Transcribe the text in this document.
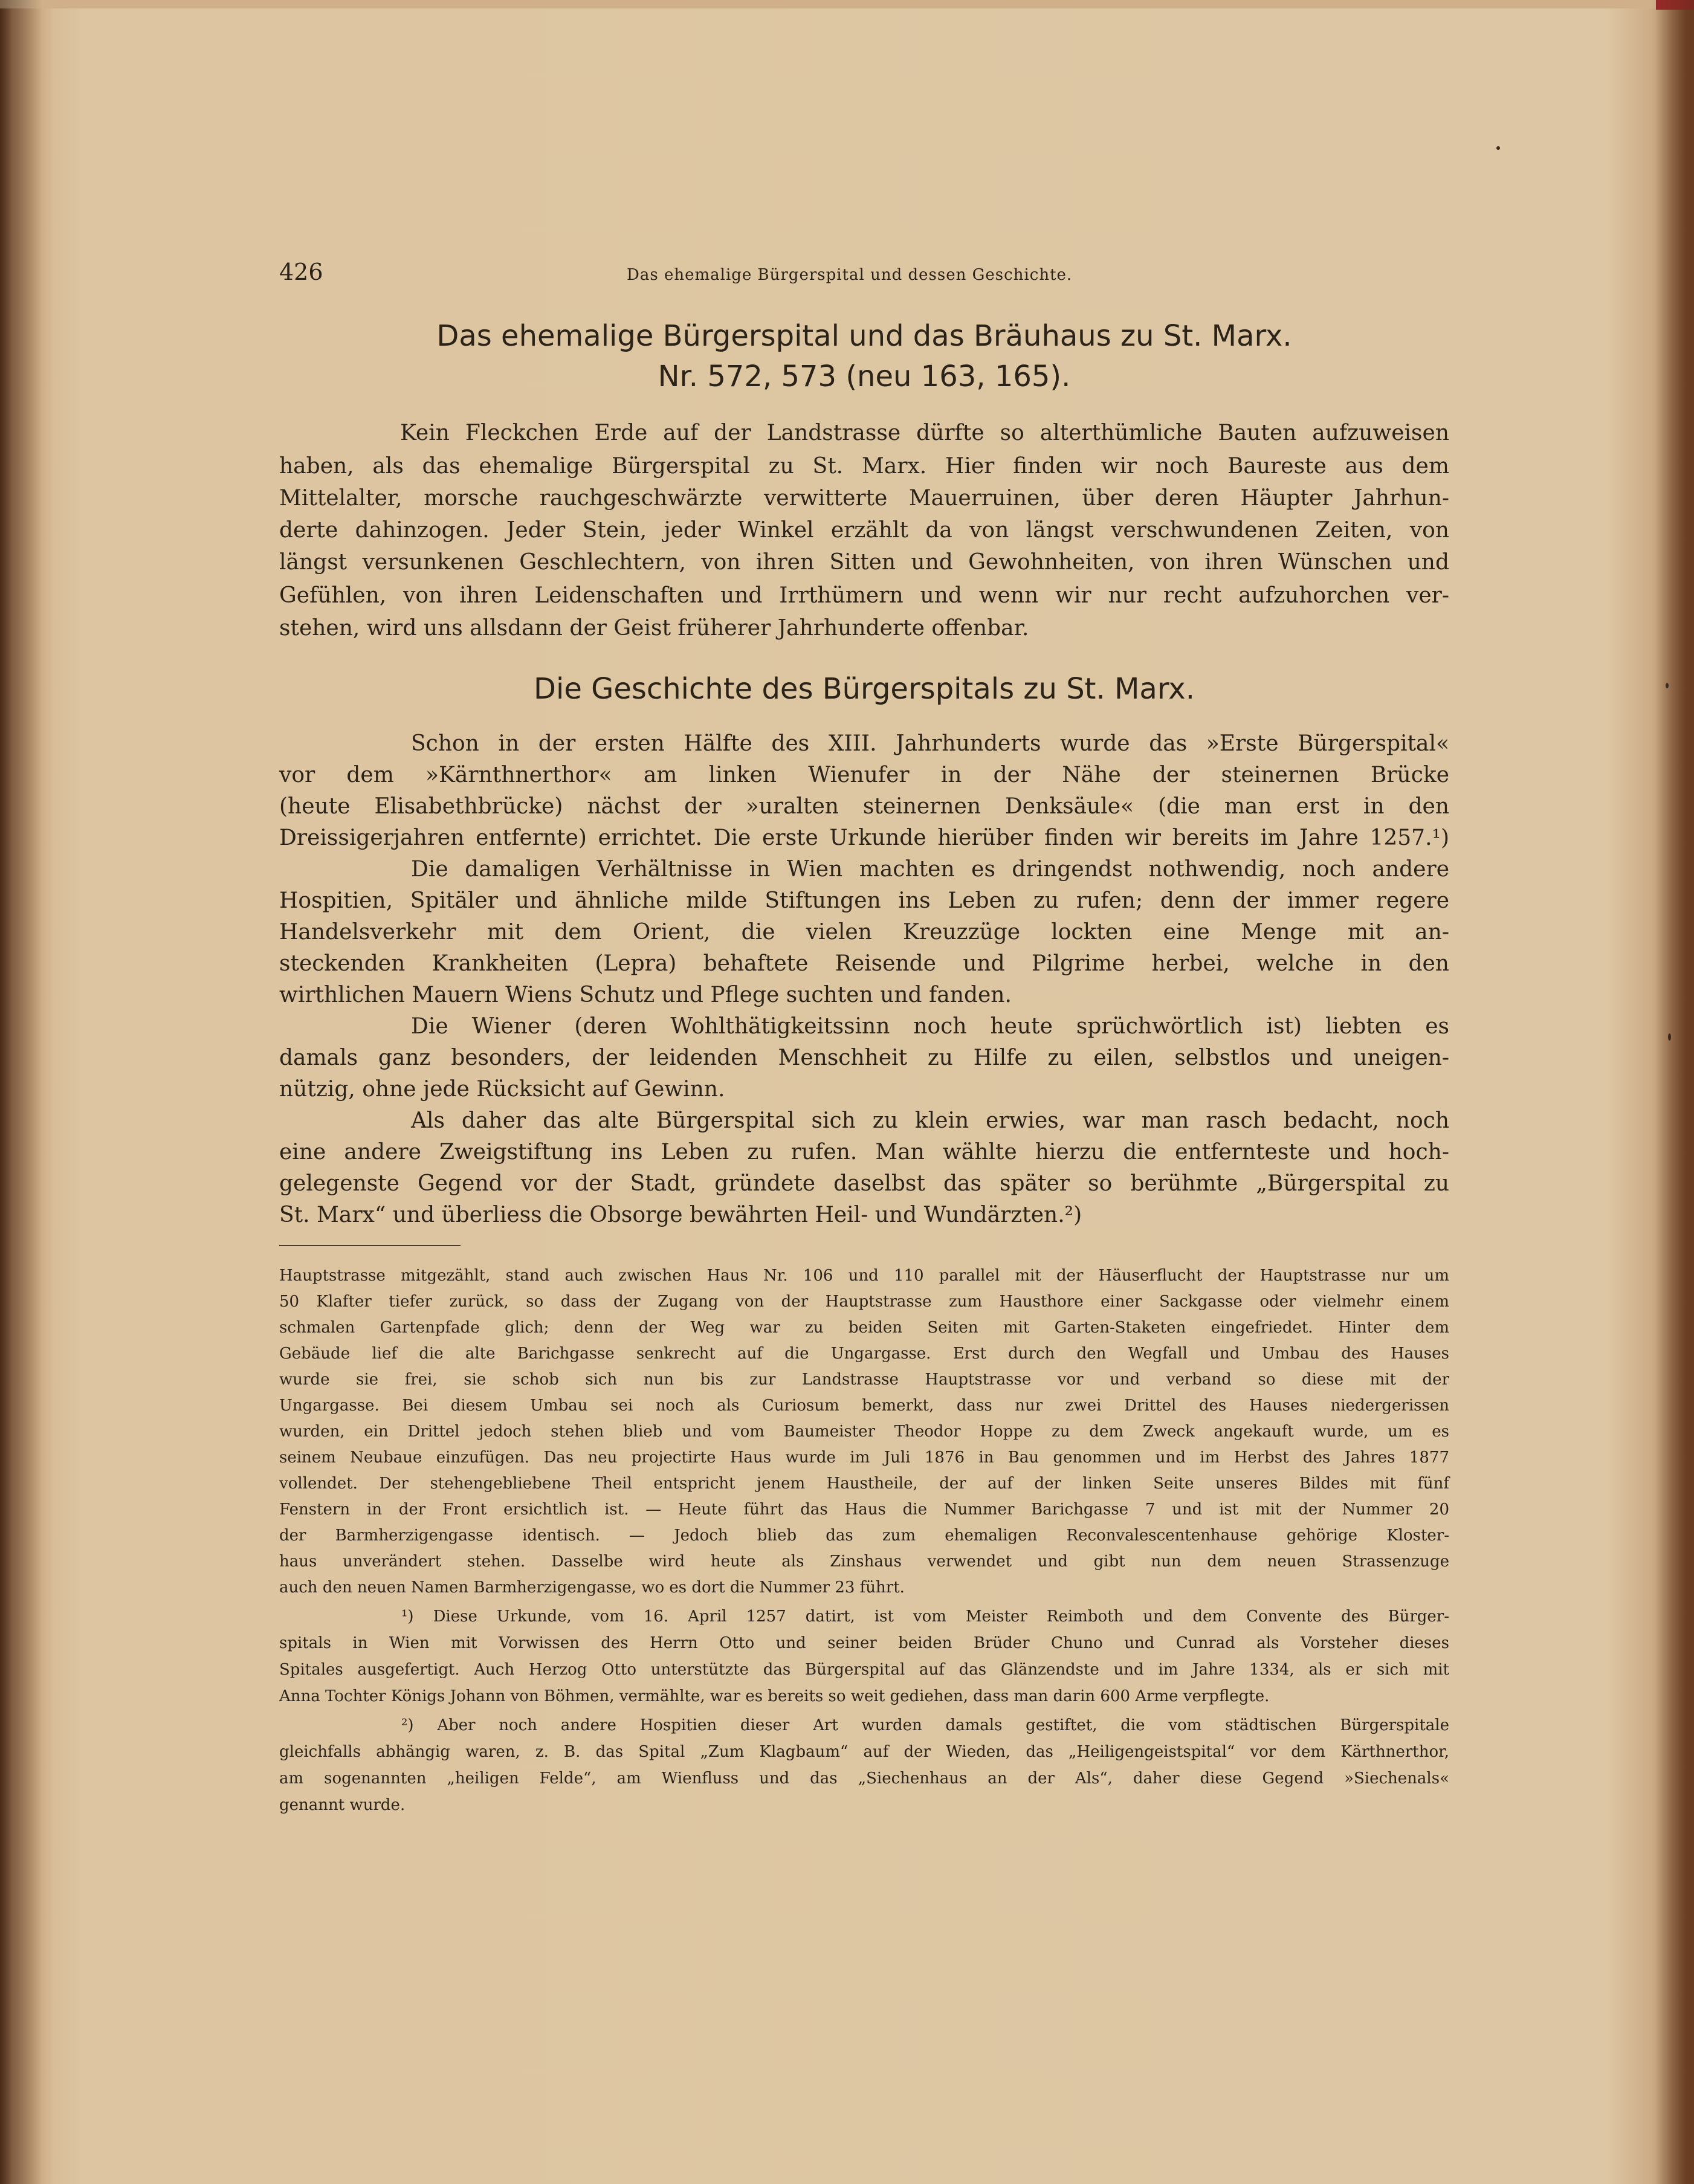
426	Das ehemalige Bürgerspital und dessen Geschichte.
Das ehemalige Bürgerspital und das Bräuhaus zu St. Marx.
Nr. 572, 573 (neu 163, 165).
Kein Fleckchen Erde auf der Landstrasse dürfte so alterthümliche Bauten aufzuweisen
haben, als das ehemalige Bürgerspital zu St. Marx. Hier finden wir noch Baureste aus dem
Mittelalter, morsche rauchgeschwärzte verwitterte Mauerruinen, über deren Häupter Jahrhun-
derte dahinzogen. Jeder Stein, jeder Winkel erzählt da von längst verschwundenen Zeiten, von
längst versunkenen Geschlechtern, von ihren Sitten und Gewohnheiten, von ihren Wünschen und
Gefühlen, von ihren Leidenschaften und Irrthümern und wenn wir nur recht aufzuhorchen ver-
stehen, wird uns allsdann der Geist früherer Jahrhunderte offenbar.
Die Geschichte des Bürgerspitals zu St. Marx.
Schon in der ersten Hälfte des XIII. Jahrhunderts wurde das »Erste Bürgerspital«
vor dem »Kärnthnerthor« am linken Wienufer in der Nähe der steinernen Brücke
(heute Elisabethbrücke) nächst der »uralten steinernen Denksäule« (die man erst in den
Dreissigerjahren entfernte) errichtet. Die erste Urkunde hierüber finden wir bereits im Jahre 1257.¹)
Die damaligen Verhältnisse in Wien machten es dringendst nothwendig, noch andere
Hospitien, Spitäler und ähnliche milde Stiftungen ins Leben zu rufen; denn der immer regere
Handelsverkehr mit dem Orient, die vielen Kreuzzüge lockten eine Menge mit an-
steckenden Krankheiten (Lepra) behaftete Reisende und Pilgrime herbei, welche in den
wirthlichen Mauern Wiens Schutz und Pflege suchten und fanden.
Die Wiener (deren Wohlthätigkeitssinn noch heute sprüchwörtlich ist) liebten es
damals ganz besonders, der leidenden Menschheit zu Hilfe zu eilen, selbstlos und uneigen-
nützig, ohne jede Rücksicht auf Gewinn.
Als daher das alte Bürgerspital sich zu klein erwies, war man rasch bedacht, noch
eine andere Zweigstiftung ins Leben zu rufen. Man wählte hierzu die entfernteste und hoch-
gelegenste Gegend vor der Stadt, gründete daselbst das später so berühmte „Bürgerspital zu
St. Marx“ und überliess die Obsorge bewährten Heil- und Wundärzten.²)
Hauptstrasse mitgezählt, stand auch zwischen Haus Nr. 106 und 110 parallel mit der Häuserflucht der Hauptstrasse nur um
50 Klafter tiefer zurück, so dass der Zugang von der Hauptstrasse zum Hausthore einer Sackgasse oder vielmehr einem
schmalen Gartenpfade glich; denn der Weg war zu beiden Seiten mit Garten-Staketen eingefriedet. Hinter dem
Gebäude lief die alte Barichgasse senkrecht auf die Ungargasse. Erst durch den Wegfall und Umbau des Hauses
wurde sie frei, sie schob sich nun bis zur Landstrasse Hauptstrasse vor und verband so diese mit der
Ungargasse. Bei diesem Umbau sei noch als Curiosum bemerkt, dass nur zwei Drittel des Hauses niedergerissen
wurden, ein Drittel jedoch stehen blieb und vom Baumeister Theodor Hoppe zu dem Zweck angekauft wurde, um es
seinem Neubaue einzufügen. Das neu projectirte Haus wurde im Juli 1876 in Bau genommen und im Herbst des Jahres 1877
vollendet. Der stehengebliebene Theil entspricht jenem Haustheile, der auf der linken Seite unseres Bildes mit fünf
Fenstern in der Front ersichtlich ist. — Heute führt das Haus die Nummer Barichgasse 7 und ist mit der Nummer 20
der Barmherzigengasse identisch. — Jedoch blieb das zum ehemaligen Reconvalescentenhause gehörige Kloster-
haus unverändert stehen. Dasselbe wird heute als Zinshaus verwendet und gibt nun dem neuen Strassenzuge
auch den neuen Namen Barmherzigengasse, wo es dort die Nummer 23 führt.
¹) Diese Urkunde, vom 16. April 1257 datirt, ist vom Meister Reimboth und dem Convente des Bürger-
spitals in Wien mit Vorwissen des Herrn Otto und seiner beiden Brüder Chuno und Cunrad als Vorsteher dieses
Spitales ausgefertigt. Auch Herzog Otto unterstützte das Bürgerspital auf das Glänzendste und im Jahre 1334, als er sich mit
Anna Tochter Königs Johann von Böhmen, vermählte, war es bereits so weit gediehen, dass man darin 600 Arme verpflegte.
²) Aber noch andere Hospitien dieser Art wurden damals gestiftet, die vom städtischen Bürgerspitale
gleichfalls abhängig waren, z. B. das Spital „Zum Klagbaum“ auf der Wieden, das „Heiligengeistspital“ vor dem Kärthnerthor,
am sogenannten „heiligen Felde“, am Wienfluss und das „Siechenhaus an der Als“, daher diese Gegend »Siechenals«
genannt wurde.
